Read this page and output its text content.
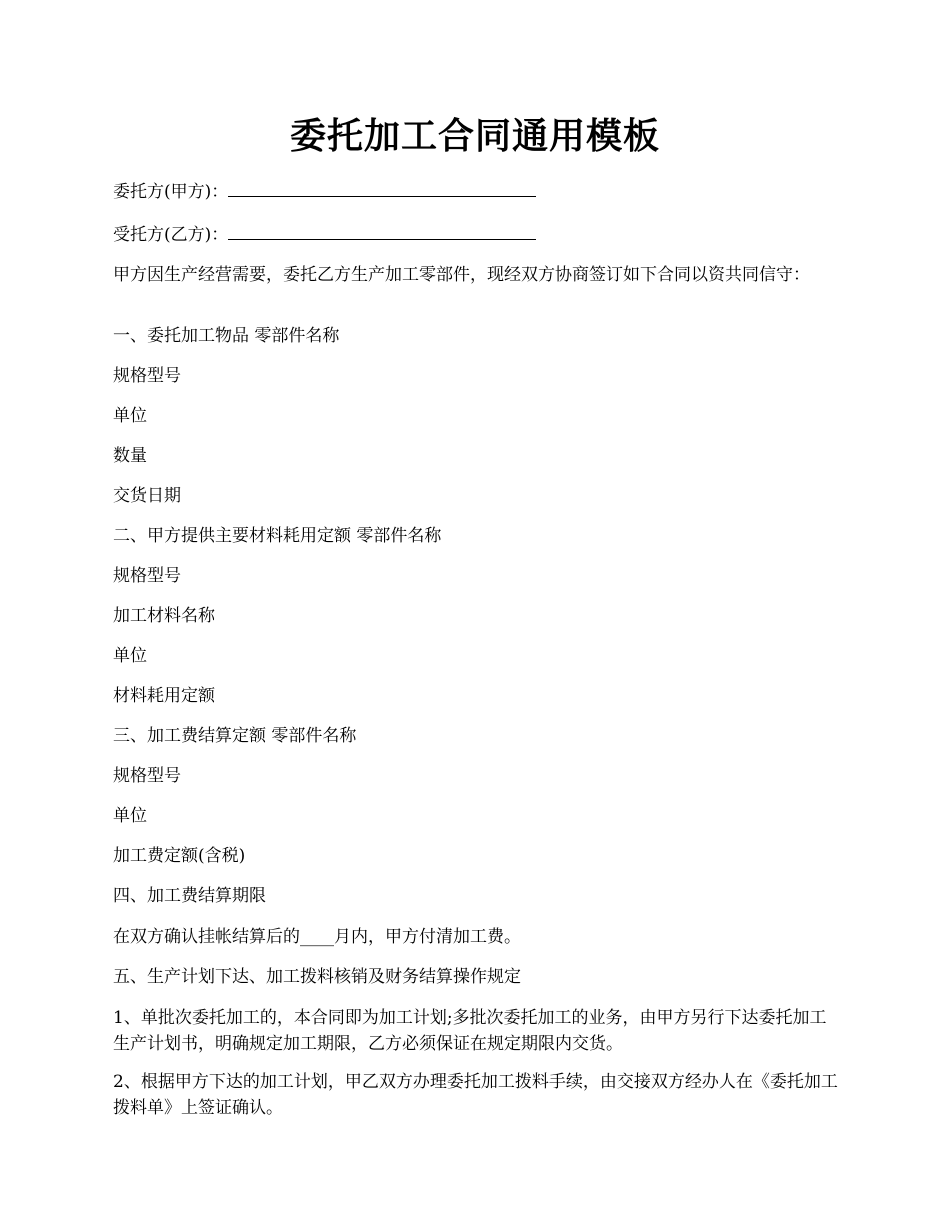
委托加工合同通用模板
委托方(甲方)：
受托方(乙方)：
甲方因生产经营需要，委托乙方生产加工零部件，现经双方协商签订如下合同以资共同信守：
一、委托加工物品 零部件名称
规格型号
单位
数量
交货日期
二、甲方提供主要材料耗用定额 零部件名称
规格型号
加工材料名称
单位
材料耗用定额
三、加工费结算定额 零部件名称
规格型号
单位
加工费定额(含税)
四、加工费结算期限
在双方确认挂帐结算后的____月内，甲方付清加工费。
五、生产计划下达、加工拨料核销及财务结算操作规定
1、单批次委托加工的，本合同即为加工计划;多批次委托加工的业务，由甲方另行下达委托加工生产计划书，明确规定加工期限，乙方必须保证在规定期限内交货。
2、根据甲方下达的加工计划，甲乙双方办理委托加工拨料手续，由交接双方经办人在《委托加工拨料单》上签证确认。
